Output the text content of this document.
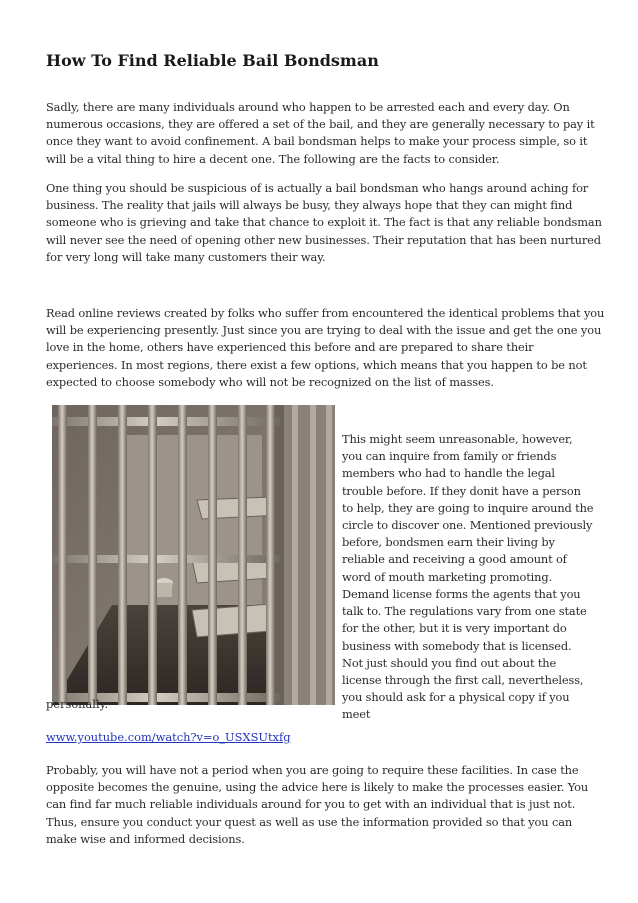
How To Find Reliable Bail Bondsman

Sadly, there are many individuals around who happen to be arrested each and every day. On numerous occasions, they are offered a set of the bail, and they are generally necessary to pay it once they want to avoid confinement. A bail bondsman helps to make your process simple, so it will be a vital thing to hire a decent one. The following are the facts to consider.

One thing you should be suspicious of is actually a bail bondsman who hangs around aching for business. The reality that jails will always be busy, they always hope that they can might find someone who is grieving and take that chance to exploit it. The fact is that any reliable bondsman will never see the need of opening other new businesses. Their reputation that has been nurtured for very long will take many customers their way.

Read online reviews created by folks who suffer from encountered the identical problems that you will be experiencing presently. Just since you are trying to deal with the issue and get the one you love in the home, others have experienced this before and are prepared to share their experiences. In most regions, there exist a few options, which means that you happen to be not expected to choose somebody who will not be recognized on the list of masses.

This might seem unreasonable, however, you can inquire from family or friends members who had to handle the legal trouble before. If they donit have a person to help, they are going to inquire around the circle to discover one. Mentioned previously before, bondsmen earn their living by reliable and receiving a good amount of word of mouth marketing promoting.

Demand license forms the agents that you talk to. The regulations vary from one state for the other, but it is very important do business with somebody that is licensed. Not just should you find out about the license through the first call, nevertheless, you should ask for a physical copy if you meet

personally.

www.youtube.com/watch?v=o_USXSUtxfg

Probably, you will have not a period when you are going to require these facilities. In case the opposite becomes the genuine, using the advice here is likely to make the processes easier. You can find far much reliable individuals around for you to get with an individual that is just not. Thus, ensure you conduct your quest as well as use the information provided so that you can make wise and informed decisions.
